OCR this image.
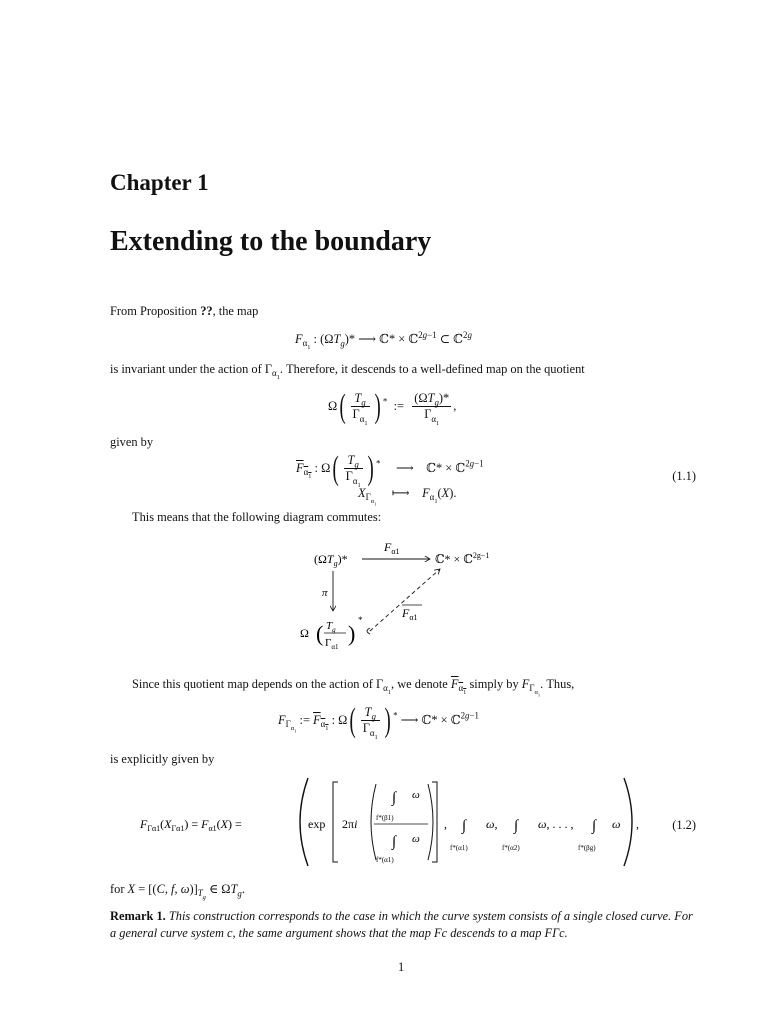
Chapter 1
Extending to the boundary
From Proposition ??, the map
$F_{\alpha_1}$ : $(\Omega T_g)*$ ⟶ ℂ* × ℂ$^{2g-1}$ ⊂ ℂ$^{2g}$
is invariant under the action of $\Gamma_{\alpha_1}$. Therefore, it descends to a well-defined map on the quotient
$\Omega( \frac{T_g}{\Gamma_{\alpha_1}}$ ) *  := $\frac{(\Omega T_g)*}{\Gamma_{\alpha_1}}$ ,
given by
$F_{\alpha_1}$ : $\Omega( \frac{T_g}{\Gamma_{\alpha_1}}$ ) *     ⟶    ℂ* × ℂ$^{2g-1}$
$X_{\Gamma_{\alpha_1}}$     ⟼    $F_{\alpha_1}(X)$.
(1.1)
This means that the following diagram commutes:
$(\Omega T_g)*$
$F_{\alpha 1}$
ℂ* × ℂ$^{2g-1}$
π
Ω $T_g$
$\Gamma_{\alpha 1}$
( )
*	$F_{\alpha 1}$
Since this quotient map depends on the action of $\Gamma_{\alpha_1}$, we denote $F_{\alpha_1}$ simply by $F_{\Gamma_{\alpha_1}}$. Thus,
$F_{\Gamma_{\alpha_1}}$ := $F_{\alpha_1}$ : $\Omega( \frac{T_g}{\Gamma_{\alpha_1}}$ ) * ⟶ ℂ* × ℂ$^{2g-1}$
is explicitly given by
$F_{\Gamma\alpha 1}(X_{\Gamma\alpha 1}) = F_{\alpha 1}(X)$ =	exp 2πi
∫ ω
f*(β1)
∫ ω
f*(α1)
, ∫ ω,
f*(α1)
∫ ω, . . . ,
f*(α2)
∫ ω
f*(βg)
,	(1.2)
for X = [(C, f, $\omega)]_{T_g}$ ∈ $\Omega T_g$.
Remark 1. This construction corresponds to the case in which the curve system consists of a single closed curve. For a general curve system c, the same argument shows that the map Fc descends to a map FΓc.
1
